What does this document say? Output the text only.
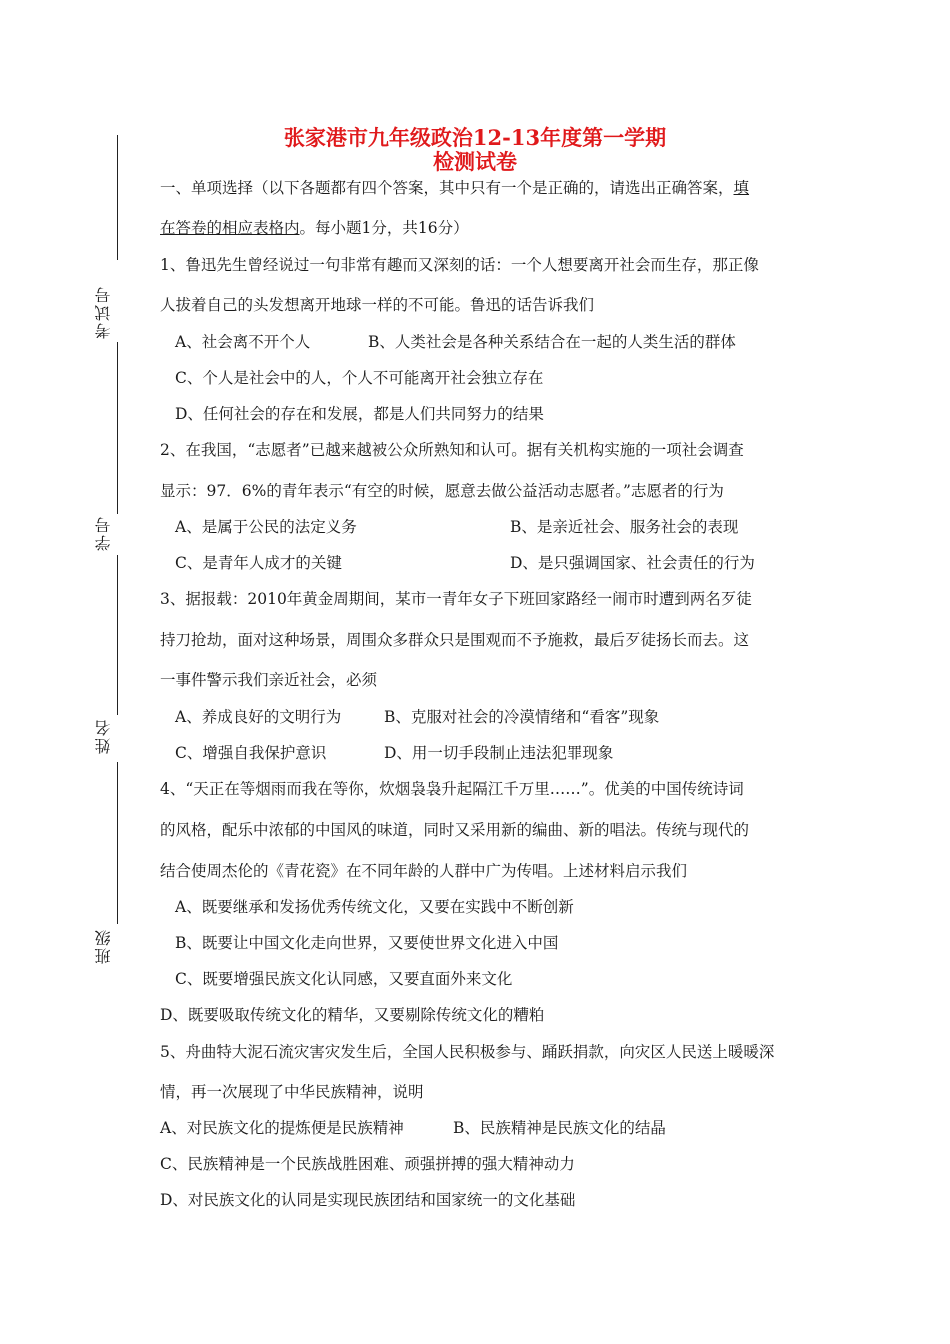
考试号
学号
姓名
班级
张家港市九年级政治12-13年度第一学期
检测试卷
一、单项选择（以下各题都有四个答案，其中只有一个是正确的，请选出正确答案，填
在答卷的相应表格内。每小题1分，共16分）
1、鲁迅先生曾经说过一句非常有趣而又深刻的话：一个人想要离开社会而生存，那正像
人拔着自己的头发想离开地球一样的不可能。鲁迅的话告诉我们
A、社会离不开个人	B、人类社会是各种关系结合在一起的人类生活的群体
C、个人是社会中的人，个人不可能离开社会独立存在
D、任何社会的存在和发展，都是人们共同努力的结果
2、在我国，“志愿者”已越来越被公众所熟知和认可。据有关机构实施的一项社会调查
显示：97．6%的青年表示“有空的时候，愿意去做公益活动志愿者。”志愿者的行为
A、是属于公民的法定义务	B、是亲近社会、服务社会的表现
C、是青年人成才的关键	D、是只强调国家、社会责任的行为
3、据报载：2010年黄金周期间，某市一青年女子下班回家路经一闹市时遭到两名歹徒
持刀抢劫，面对这种场景，周围众多群众只是围观而不予施救，最后歹徒扬长而去。这
一事件警示我们亲近社会，必须
A、养成良好的文明行为	B、克服对社会的冷漠情绪和“看客”现象
C、增强自我保护意识	D、用一切手段制止违法犯罪现象
4、“天正在等烟雨而我在等你，炊烟袅袅升起隔江千万里……”。优美的中国传统诗词
的风格，配乐中浓郁的中国风的味道，同时又采用新的编曲、新的唱法。传统与现代的
结合使周杰伦的《青花瓷》在不同年龄的人群中广为传唱。上述材料启示我们
A、既要继承和发扬优秀传统文化，又要在实践中不断创新
B、既要让中国文化走向世界，又要使世界文化进入中国
C、既要增强民族文化认同感，又要直面外来文化
D、既要吸取传统文化的精华，又要剔除传统文化的糟粕
5、舟曲特大泥石流灾害灾发生后，全国人民积极参与、踊跃捐款，向灾区人民送上暖暖深
情，再一次展现了中华民族精神，说明
A、对民族文化的提炼便是民族精神	B、民族精神是民族文化的结晶
C、民族精神是一个民族战胜困难、顽强拼搏的强大精神动力
D、对民族文化的认同是实现民族团结和国家统一的文化基础
